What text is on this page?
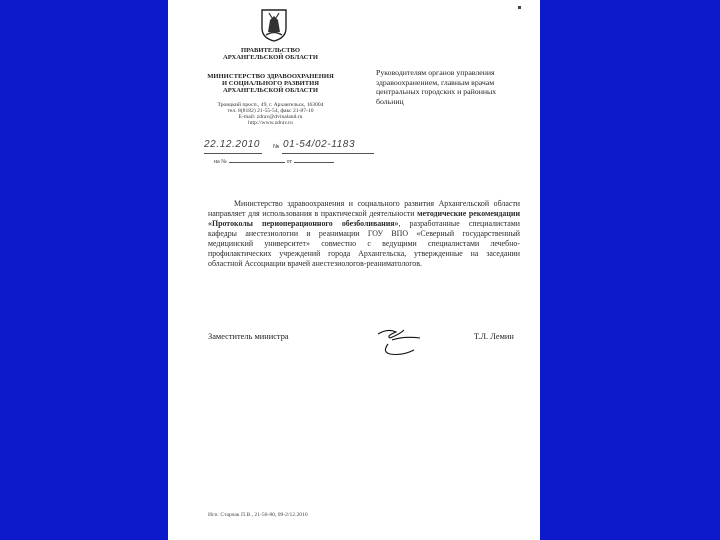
ПРАВИТЕЛЬСТВО
АРХАНГЕЛЬСКОЙ ОБЛАСТИ
МИНИСТЕРСТВО ЗДРАВООХРАНЕНИЯ
И СОЦИАЛЬНОГО РАЗВИТИЯ
АРХАНГЕЛЬСКОЙ ОБЛАСТИ
Троицкий просп., 49, г. Архангельск, 163004
тел. 8(8182) 21-55-54, факс 21-87-10
E-mail: zdrav@dvinaland.ru
http://www.zdrav.ru
Руководителям органов управления
здравоохранением, главным врачам
центральных городских и районных
больниц
22.12.2010 № 01-54/02-1183
на №	от
Министерство здравоохранения и социального развития Архангельской области направляет для использования в практической деятельности методические рекомендации «Протоколы периоперационного обезболивания», разработанные специалистами кафедры анестезиологии и реанимации ГОУ ВПО «Северный государственный медицинский университет» совместно с ведущими специалистами лечебно-профилактических учреждений города Архангельска, утвержденные на заседании областной Ассоциации врачей анестезиологов-реаниматологов.
Заместитель министра	Т.Л. Лемин
Исп. Старчак П.В., 21-50-80, 09-2/12.2010
